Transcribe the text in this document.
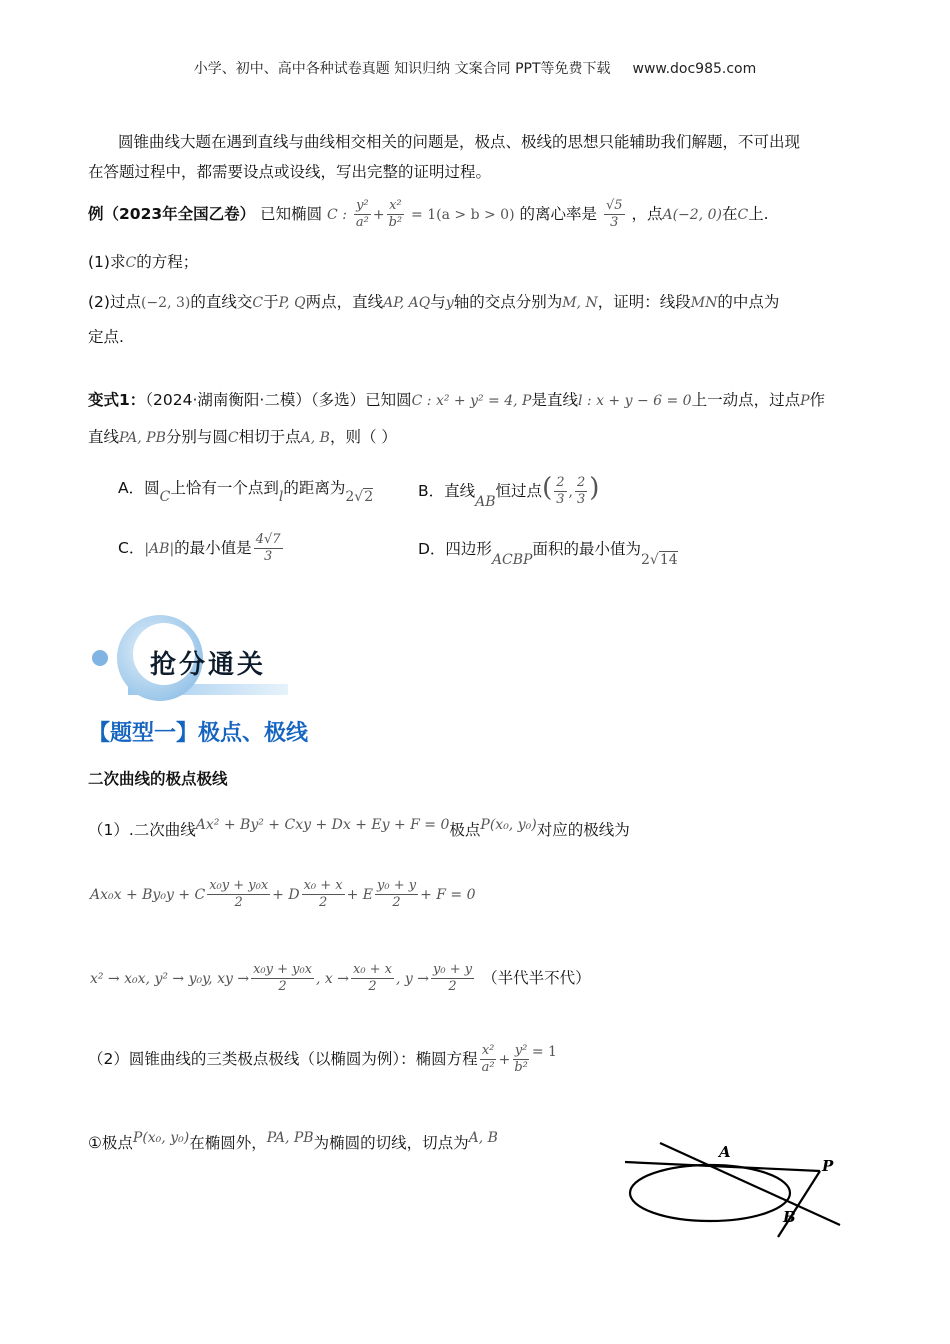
小学、初中、高中各种试卷真题 知识归纳 文案合同 PPT等免费下载 www.doc985.com
圆锥曲线大题在遇到直线与曲线相交相关的问题是，极点、极线的思想只能辅助我们解题，不可出现
在答题过程中，都需要设点或设线，写出完整的证明过程。
例（2023年全国乙卷） 已知椭圆 C : $\frac{\text{y²}}{\text{a²}} + \frac{\text{x²}}{\text{b²}} = 1(a > b > 0)$ 的离心率是 $\frac{√5}{3}$ ，点A(−2, 0)在C上.
(1)求C的方程；
(2)过点(−2, 3)的直线交C于P, Q两点，直线AP, AQ与y轴的交点分别为M, N，证明：线段MN的中点为
定点.
变式1：（2024·湖南衡阳·二模）（多选）已知圆C : x² + y² = 4, P是直线l : x + y − 6 = 0上一动点，过点P作
直线PA, PB分别与圆C相切于点A, B，则（ ）
A．圆C上恰有一个点到l的距离为2√2	B．直线AB恒过点( $\frac{2}{3}$ , $\frac{2}{3}$ )
C．|AB|的最小值是 $\frac{4√7}{3}$	D．四边形ACBP面积的最小值为2√14
抢分通关
【题型一】极点、极线
二次曲线的极点极线
（1）.二次曲线Ax² + By² + Cxy + Dx + Ey + F = 0极点P(x₀, y₀)对应的极线为
Ax₀x + By₀y + C $\frac{\text{x₀y + y₀x}}{2} + D \frac{\text{x₀ + x}}{2} + E \frac{\text{y₀ + y}}{2} + F = 0$
x² → x₀x, y² → y₀y, xy → $\frac{\text{x₀y + y₀x}}{2}$ , $x \to \frac{\text{x₀ + x}}{2}$ , $y \to \frac{\text{y₀ + y}}{2}$ （半代半不代）
（2）圆锥曲线的三类极点极线（以椭圆为例）：椭圆方程 $\frac{\text{x²}}{\text{a²}} + \frac{\text{y²}}{\text{b²}} = 1$
①极点P(x₀, y₀)在椭圆外，PA, PB为椭圆的切线，切点为A, B
A
P
B
